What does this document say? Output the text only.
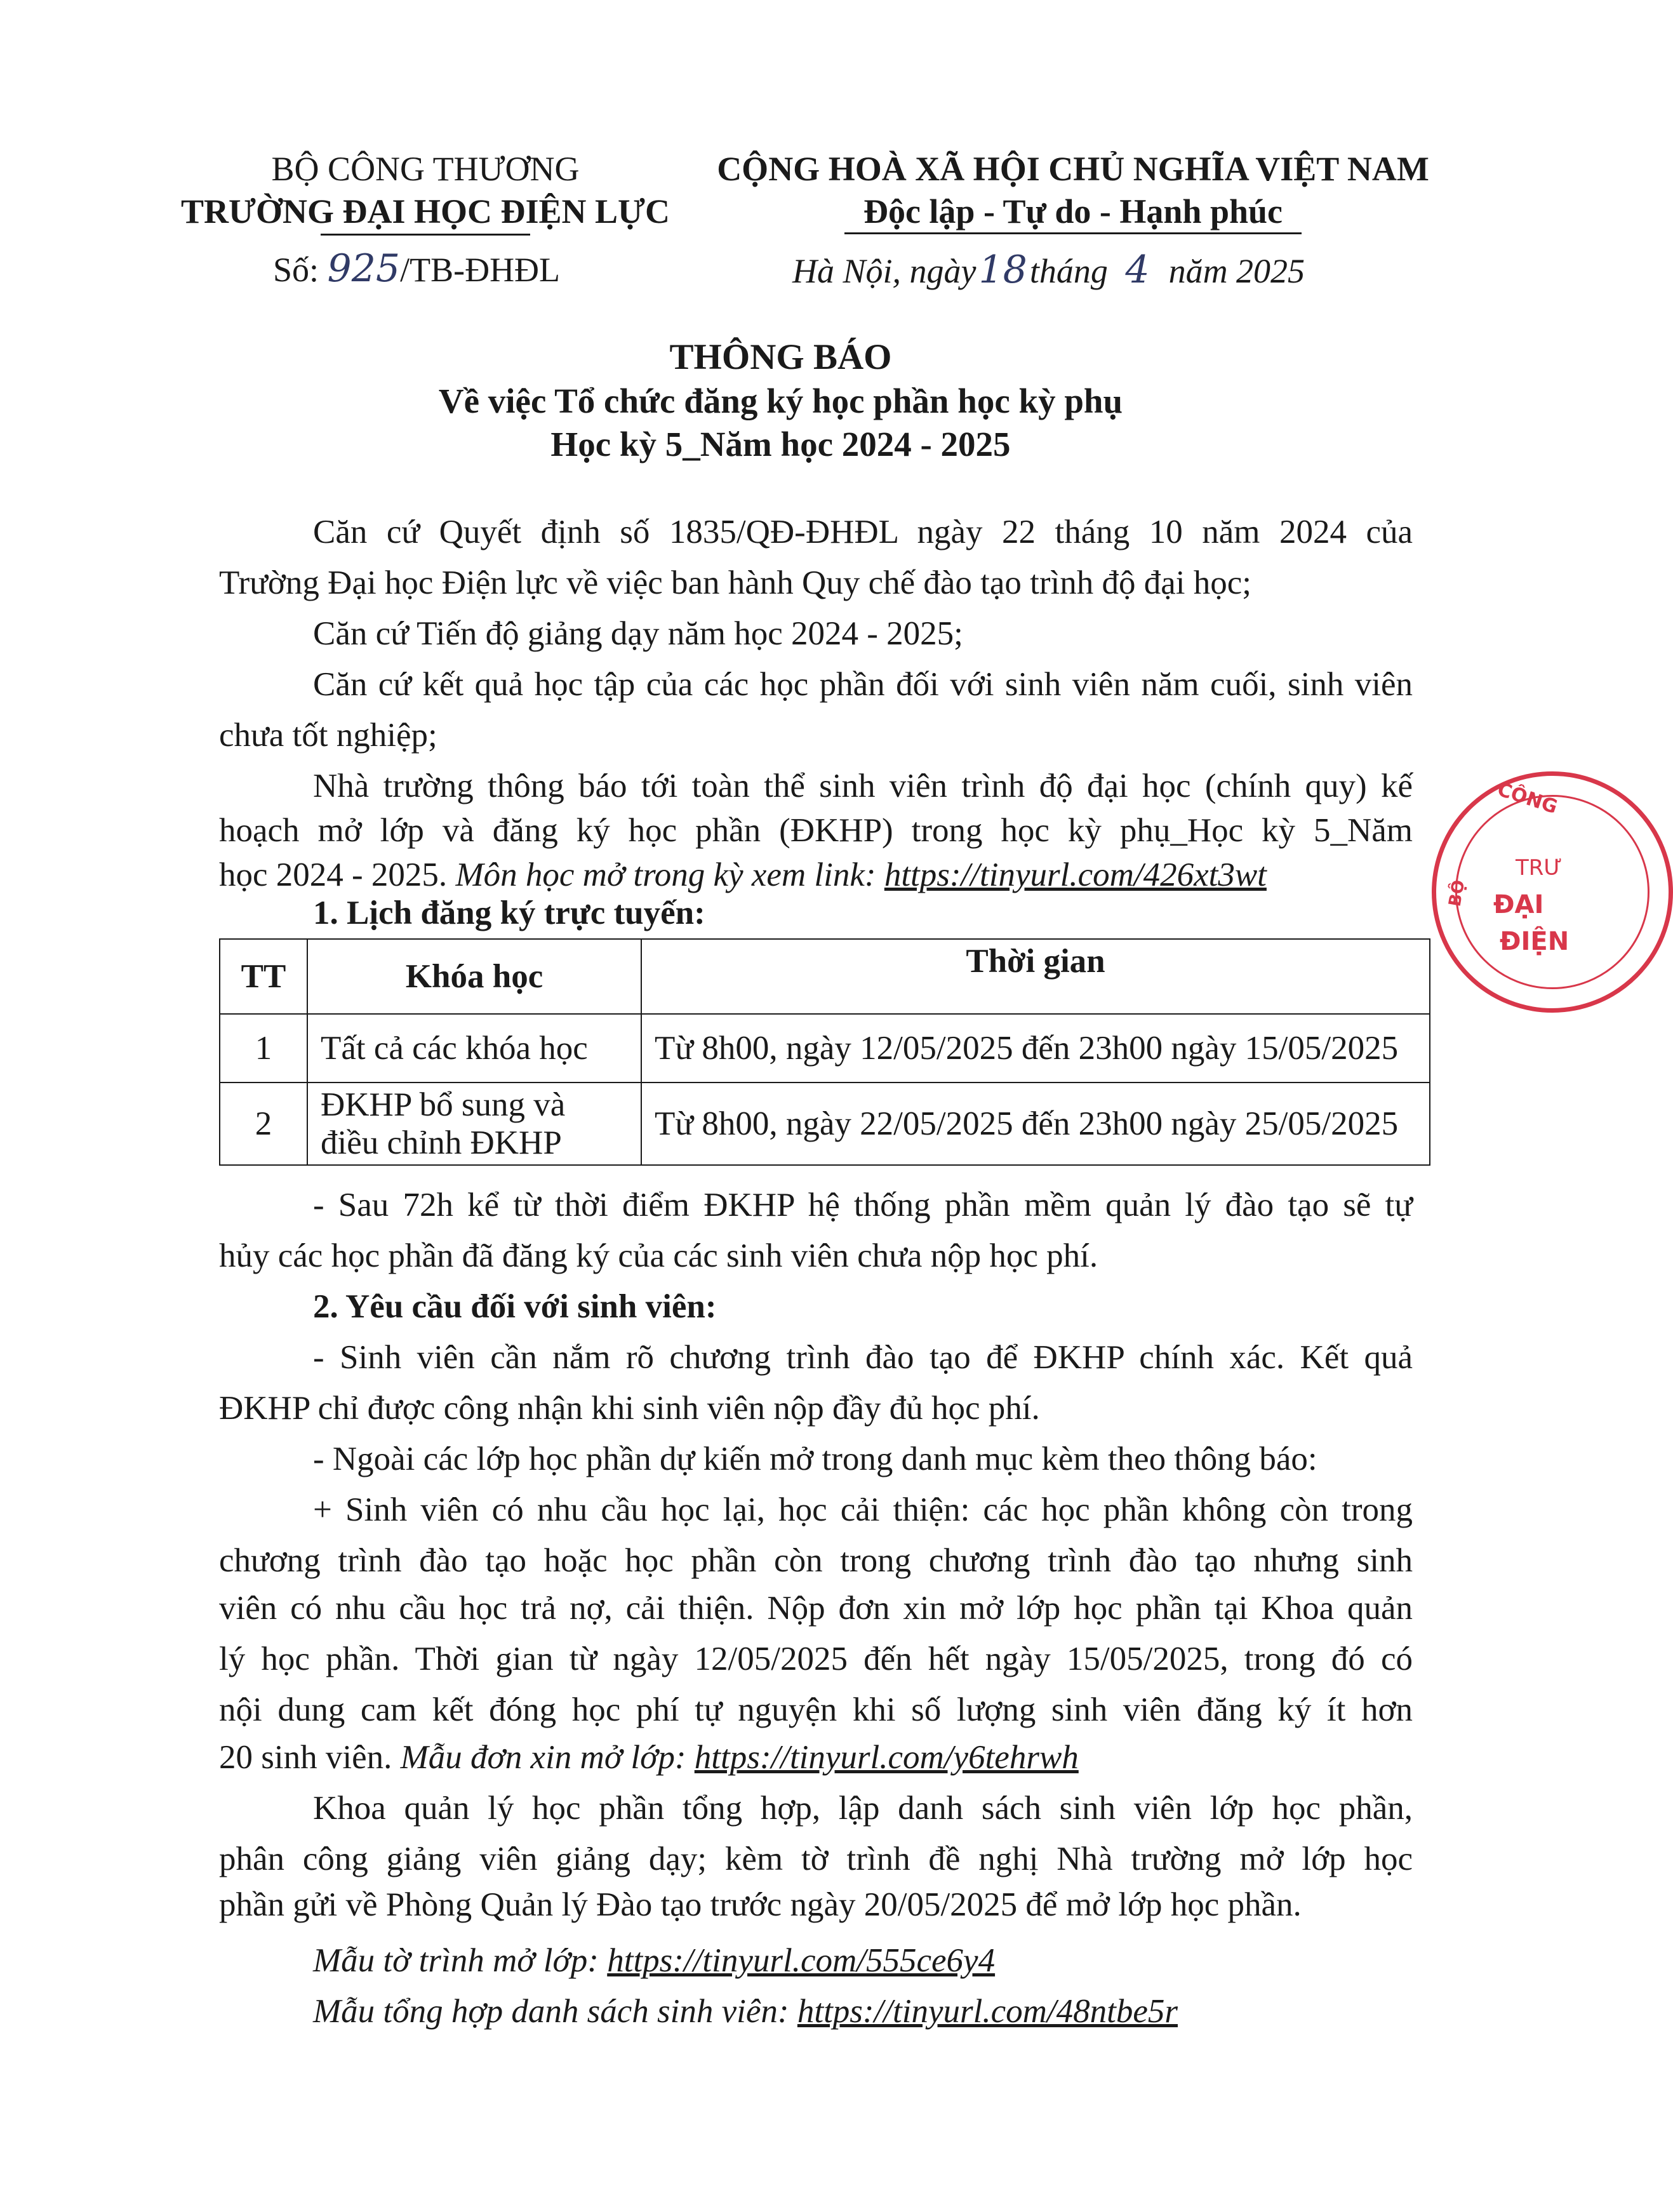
BỘ CÔNG THƯƠNG
TRƯỜNG ĐẠI HỌC ĐIỆN LỰC
Số: 925/TB-ĐHĐL
CỘNG HOÀ XÃ HỘI CHỦ NGHĨA VIỆT NAM
Độc lập - Tự do - Hạnh phúc
Hà Nội, ngày18tháng 4 năm 2025
THÔNG BÁO
Về việc Tổ chức đăng ký học phần học kỳ phụ
Học kỳ 5_Năm học 2024 - 2025
Căn cứ Quyết định số 1835/QĐ-ĐHĐL ngày 22 tháng 10 năm 2024 của
Trường Đại học Điện lực về việc ban hành Quy chế đào tạo trình độ đại học;
Căn cứ Tiến độ giảng dạy năm học 2024 - 2025;
Căn cứ kết quả học tập của các học phần đối với sinh viên năm cuối, sinh viên
chưa tốt nghiệp;
Nhà trường thông báo tới toàn thể sinh viên trình độ đại học (chính quy) kế
hoạch mở lớp và đăng ký học phần (ĐKHP) trong học kỳ phụ_Học kỳ 5_Năm
học 2024 - 2025. Môn học mở trong kỳ xem link: https://tinyurl.com/426xt3wt
1. Lịch đăng ký trực tuyến:
TT	Khóa học	Thời gian
1	Tất cả các khóa học	Từ 8h00, ngày 12/05/2025 đến 23h00 ngày 15/05/2025
2	ĐKHP bổ sung và
điều chỉnh ĐKHP	Từ 8h00, ngày 22/05/2025 đến 23h00 ngày 25/05/2025
- Sau 72h kể từ thời điểm ĐKHP hệ thống phần mềm quản lý đào tạo sẽ tự
hủy các học phần đã đăng ký của các sinh viên chưa nộp học phí.
2. Yêu cầu đối với sinh viên:
- Sinh viên cần nắm rõ chương trình đào tạo để ĐKHP chính xác. Kết quả
ĐKHP chỉ được công nhận khi sinh viên nộp đầy đủ học phí.
- Ngoài các lớp học phần dự kiến mở trong danh mục kèm theo thông báo:
+ Sinh viên có nhu cầu học lại, học cải thiện: các học phần không còn trong
chương trình đào tạo hoặc học phần còn trong chương trình đào tạo nhưng sinh
viên có nhu cầu học trả nợ, cải thiện. Nộp đơn xin mở lớp học phần tại Khoa quản
lý học phần. Thời gian từ ngày 12/05/2025 đến hết ngày 15/05/2025, trong đó có
nội dung cam kết đóng học phí tự nguyện khi số lượng sinh viên đăng ký ít hơn
20 sinh viên. Mẫu đơn xin mở lớp: https://tinyurl.com/y6tehrwh
Khoa quản lý học phần tổng hợp, lập danh sách sinh viên lớp học phần,
phân công giảng viên giảng dạy; kèm tờ trình đề nghị Nhà trường mở lớp học
phần gửi về Phòng Quản lý Đào tạo trước ngày 20/05/2025 để mở lớp học phần.
Mẫu tờ trình mở lớp: https://tinyurl.com/555ce6y4
Mẫu tổng hợp danh sách sinh viên: https://tinyurl.com/48ntbe5r
CÔNG
TRƯ
ĐẠI
ĐIỆN
BỘ
